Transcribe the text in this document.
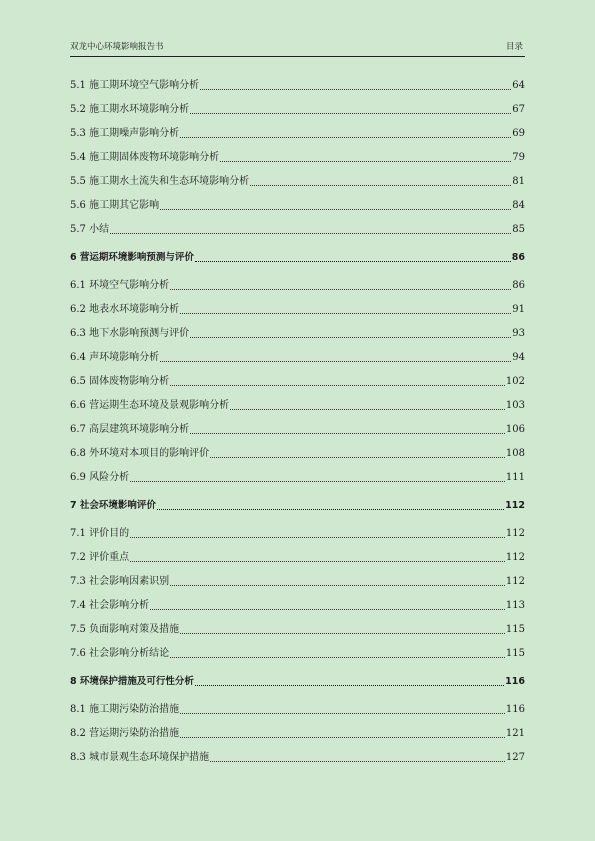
双龙中心环境影响报告书	目录
5.1 施工期环境空气影响分析	64
5.2 施工期水环境影响分析	67
5.3 施工期噪声影响分析	69
5.4 施工期固体废物环境影响分析	79
5.5 施工期水土流失和生态环境影响分析	81
5.6 施工期其它影响	84
5.7 小结	85
6 营运期环境影响预测与评价	86
6.1 环境空气影响分析	86
6.2 地表水环境影响分析	91
6.3 地下水影响预测与评价	93
6.4 声环境影响分析	94
6.5 固体废物影响分析	102
6.6 营运期生态环境及景观影响分析	103
6.7 高层建筑环境影响分析	106
6.8 外环境对本项目的影响评价	108
6.9 风险分析	111
7 社会环境影响评价	112
7.1 评价目的	112
7.2 评价重点	112
7.3 社会影响因素识别	112
7.4 社会影响分析	113
7.5 负面影响对策及措施	115
7.6 社会影响分析结论	115
8 环境保护措施及可行性分析	116
8.1 施工期污染防治措施	116
8.2 营运期污染防治措施	121
8.3 城市景观生态环境保护措施	127
